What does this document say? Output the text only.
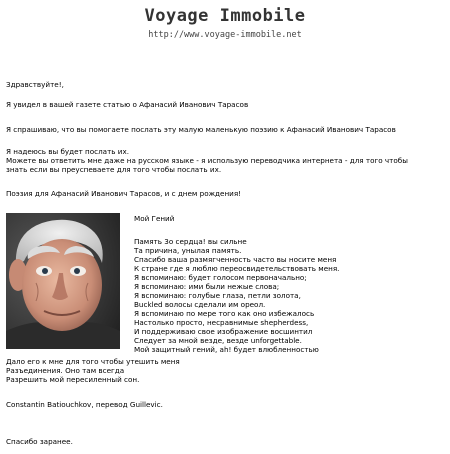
Voyage Immobile
http://www.voyage-immobile.net
Здравствуйте!,
Я увидел в вашей газете статью о Афанасий Иванович Тарасов
Я спрашиваю, что вы помогаете послать эту малую маленькую поэзию к Афанасий Иванович Тарасов
Я надеюсь вы будет послать их.
Можете вы ответить мне даже на русском языке - я использую переводчика интернета - для того чтобы
знать если вы преуспеваете для того чтобы послать их.
Поэзия для Афанасий Иванович Тарасов, и с днем рождения!
Мой Гений
Память 3о сердца! вы сильне
Та причина, унылая память.
Спасибо ваша размягченность часто вы носите меня
К стране где я люблю переосвидетельствовать меня.
Я вспоминаю: будет голосом первоначально;
Я вспоминаю: ими были нежые слова;
Я вспоминаю: голубые глаза, петли золота,
Buckled волосы сделали им ореол.
Я вспоминаю по мере того как оно избежалось
Настолько просто, несравнимые shepherdess,
И поддерживаю свое изображение восшинтил
Следует за мной везде, везде unforgettable.
Мой защитный гений, ah! будет влюбленностью
Дало его к мне для того чтобы утешить меня
Разъединения. Оно там всегда
Разрешить мой пересиленный сон.
Constantin Batiouchkov, перевод Guillevic.
Спасибо заранее.
